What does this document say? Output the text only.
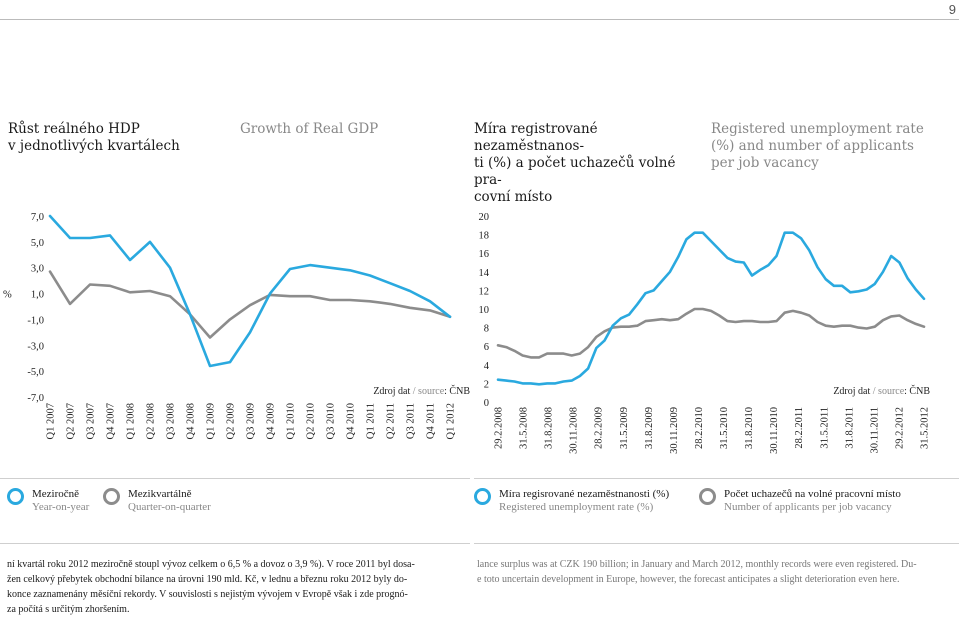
9
Růst reálného HDP
v jednotlivých kvartálech
Growth of Real GDP	Míra registrované nezaměstnanos-
ti (%) a počet uchazečů volné pra-
covní místo
Registered unemployment rate
(%) and number of applicants
per job vacancy
7,0
5,0
3,0
1,0
-1,0
-3,0
-5,0
-7,0
%
Q1 2007 Q2 2007 Q3 2007 Q4 2007 Q1 2008 Q2 2008 Q3 2008 Q4 2008 Q1 2009 Q2 2009 Q3 2009 Q4 2009 Q1 2010 Q2 2010 Q3 2010 Q4 2010 Q1 2011 Q2 2011 Q3 2011 Q4 2011 Q1 2012
20
18
16
14
12
10
8
6
4
2
0
29.2.2008 31.5.2008 31.8.2008 30.11.2008 28.2.2009 31.5.2009 31.8.2009 30.11.2009 28.2.2010 31.5.2010 31.8.2010 30.11.2010 28.2.2011 31.5.2011 31.8.2011 30.11.2011 29.2.2012 31.5.2012
Zdroj dat / source: ČNB	Zdroj dat / source: ČNB
Meziročně
Year-on-year
Mezikvartálně
Quarter-on-quarter
Míra regisrované nezaměstnanosti (%)
Registered unemployment rate (%)
Počet uchazečů na volné pracovní místo
Number of applicants per job vacancy
ní kvartál roku 2012 meziročně stoupl vývoz celkem o 6,5 % a dovoz o 3,9 %). V roce 2011 byl dosa-
žen celkový přebytek obchodní bilance na úrovni 190 mld. Kč, v lednu a březnu roku 2012 byly do-
konce zaznamenány měsíční rekordy. V souvislosti s nejistým vývojem v Evropě však i zde prognó-
za počítá s určitým zhoršením.
lance surplus was at CZK 190 billion; in January and March 2012, monthly records were even registered. Du-
e toto uncertain development in Europe, however, the forecast anticipates a slight deterioration even here.
